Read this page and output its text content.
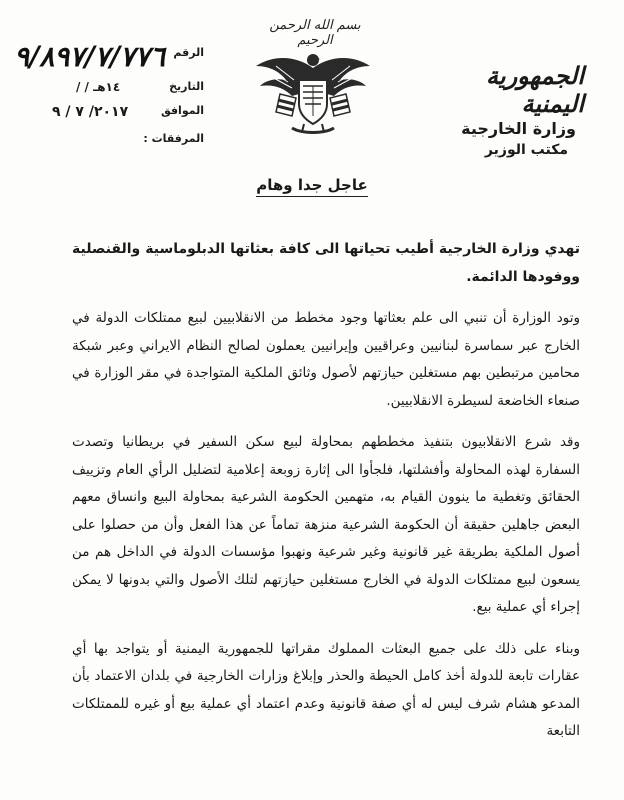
بسم الله الرحمن الرحيم
الجمهورية اليمنية
وزارة الخارجية
مكتب الوزير
الرقم
٩/٨٩٧/٧/٧٧٦
التاريخ
/ / ١٤هـ
الموافق
٢٠١٧/ ٧ / ٩
المرفقات :
عاجل جدا وهام

تهدي وزارة الخارجية أطيب تحياتها الى كافة بعثاتها الدبلوماسية والقنصلية ووفودها الدائمة.

وتود الوزارة أن تنبي الى علم بعثاتها وجود مخطط من الانقلابيين لبيع ممتلكات الدولة في الخارج عبر سماسرة لبنانيين وعراقيين وإيرانيين يعملون لصالح النظام الايراني وعبر شبكة محامين مرتبطين بهم مستغلين حيازتهم لأصول وثائق الملكية المتواجدة في مقر الوزارة في صنعاء الخاضعة لسيطرة الانقلابيين.

وقد شرع الانقلابيون بتنفيذ مخططهم بمحاولة لبيع سكن السفير في بريطانيا وتصدت السفارة لهذه المحاولة وأفشلتها، فلجأوا الى إثارة زوبعة إعلامية لتضليل الرأي العام وتزييف الحقائق وتغطية ما ينوون القيام به، متهمين الحكومة الشرعية بمحاولة البيع وانساق معهم البعض جاهلين حقيقة أن الحكومة الشرعية منزهة تماماً عن هذا الفعل وأن من حصلوا على أصول الملكية بطريقة غير قانونية وغير شرعية ونهبوا مؤسسات الدولة في الداخل هم من يسعون لبيع ممتلكات الدولة في الخارج مستغلين حيازتهم لتلك الأصول والتي بدونها لا يمكن إجراء أي عملية بيع.

وبناء على ذلك على جميع البعثات المملوك مقراتها للجمهورية اليمنية أو يتواجد بها أي عقارات تابعة للدولة أخذ كامل الحيطة والحذر وإبلاغ وزارات الخارجية في بلدان الاعتماد بأن المدعو هشام شرف ليس له أي صفة قانونية وعدم اعتماد أي عملية بيع أو غيره للممتلكات التابعة
